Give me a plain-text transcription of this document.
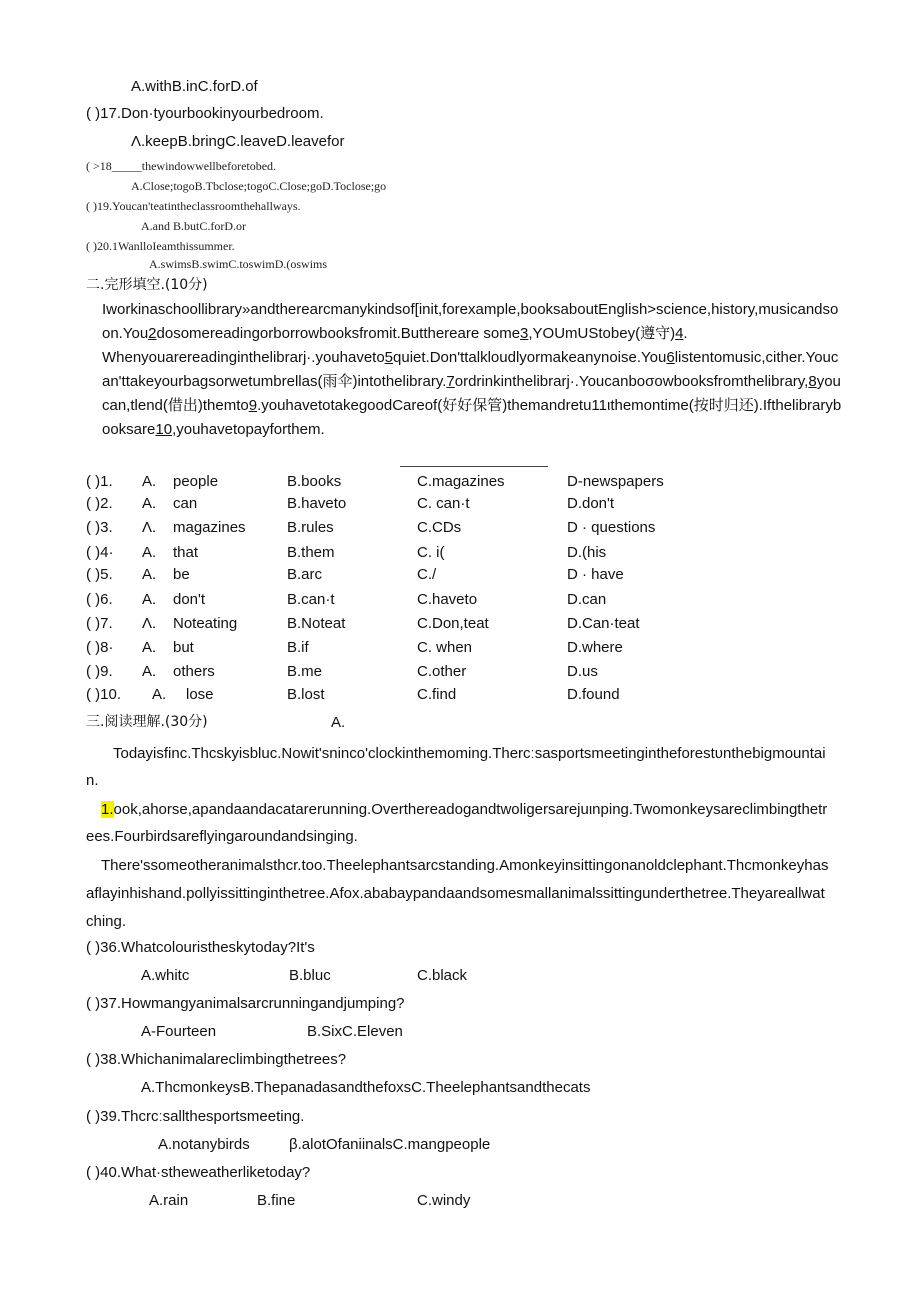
A.withB.inC.forD.of
( )17.Don·tyourbookinyourbedroom.
Λ.keepB.bringC.leaveD.leavefor
( >18_____thewindowwellbeforetobed.
A.Close;togoB.Tbclose;togoC.Close;goD.Toclose;go
( )19.Youcan'teatintheclassroomthehallways.
A.and B.butC.forD.or
( )20.1WanlloIeamthissummer.
A.swimsB.swimC.toswimD.(oswims
二.完形填空.(10分)
Iworkinaschoollibrary»andtherearcmanykindsof[init,forexample,booksaboutEnglish>science,history,musicandsoon.You2dosomereadingorborrowbooksfromit.Butthereare some3,YOUmUStobey(遵守)4.
Whenyouarereadinginthelibrarj·.youhaveto5quiet.Don'ttalkloudlyormakeanynoise.You6listentomusic,cither.Youcan'ttakeyourbagsorwetumbrellas(雨伞)intothelibrary.7ordrinkinthelibrarj·.Youcanboσowbooksfromthelibrary,8youcan,tlend(借出)themto9.youhavetotakegoodCareof(好好保管)themandretu11ιthemontime(按时归还).Ifthelibrarybooksare10,youhavetopayforthem.
( )1. A. people	B.books	C.magazines	D-newspapers
( )2. A. can	B.haveto	C. can·t	D.don't
( )3. Λ. magazines	B.rules	C.CDs	D · questions
( )4· A. that	B.them	C. i(	D.(his
( )5. A. be	B.arc	C./	D · have
( )6. A. don't	B.can·t	C.haveto	D.can
( )7. Λ. Noteating	B.Noteat	C.Don,teat	D.Can·teat
( )8· A. but	B.if	C. when	D.where
( )9. A. others	B.me	C.other	D.us
( )10. A. lose	B.lost	C.find	D.found
三.阅读理解.(30分)	A.
Todayisfinc.Thcskyisbluc.Nowit'sninco'clockinthemoming.Thercːsasportsmeetingintheforestυnthebigmountain.
1.ook,ahorse,apandaandacatarerunning.Overthereadogandtwoligersarejuιnping.Twomonkeysareclimbingthetrees.Fourbirdsareflyingaroundandsinging.
There'ssomeotheranimalsthcr.too.Theelephantsarcstanding.Amonkeyinsittingonanoldclephant.Thcmonkeyhasaflayinhishand.pollyissittinginthetree.Afox.ababaypandaandsomesmallanimalssittingunderthetree.Theyareallwatching.
( )36.Whatcolouristheskytoday?It's
A.whitc	B.bluc	C.black
( )37.Howmangyanimalsarcrunningandjumping?
A-Fourteen	B.SixC.Eleven
( )38.Whichanimalareclimbingthetrees?
A.ThcmonkeysB.ThepanadasandthefoxsC.Theelephantsandthecats
( )39.Thcrcːsallthesportsmeeting.
A.notanybirds	β.alotOfaniinalsC.mangpeople
( )40.What·stheweatherliketoday?
A.rain	B.fine	C.windy
